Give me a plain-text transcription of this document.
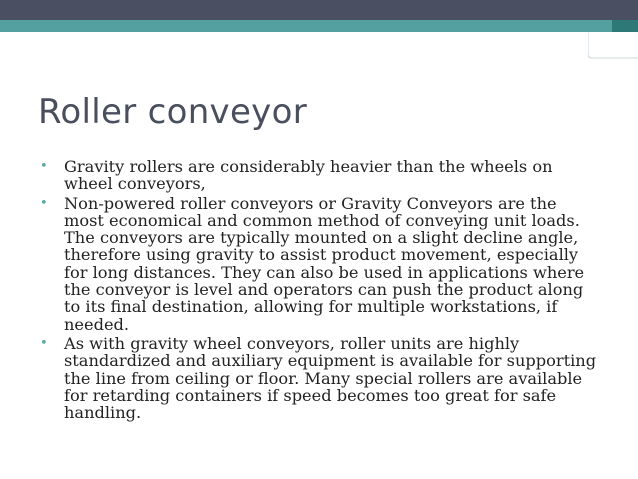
Roller conveyor
• Gravity rollers are considerably heavier than the wheels on wheel conveyors,
• Non-powered roller conveyors or Gravity Conveyors are the most economical and common method of conveying unit loads. The conveyors are typically mounted on a slight decline angle, therefore using gravity to assist product movement, especially for long distances. They can also be used in applications where the conveyor is level and operators can push the product along to its final destination, allowing for multiple workstations, if needed.
• As with gravity wheel conveyors, roller units are highly standardized and auxiliary equipment is available for supporting the line from ceiling or floor. Many special rollers are available for retarding containers if speed becomes too great for safe handling.
